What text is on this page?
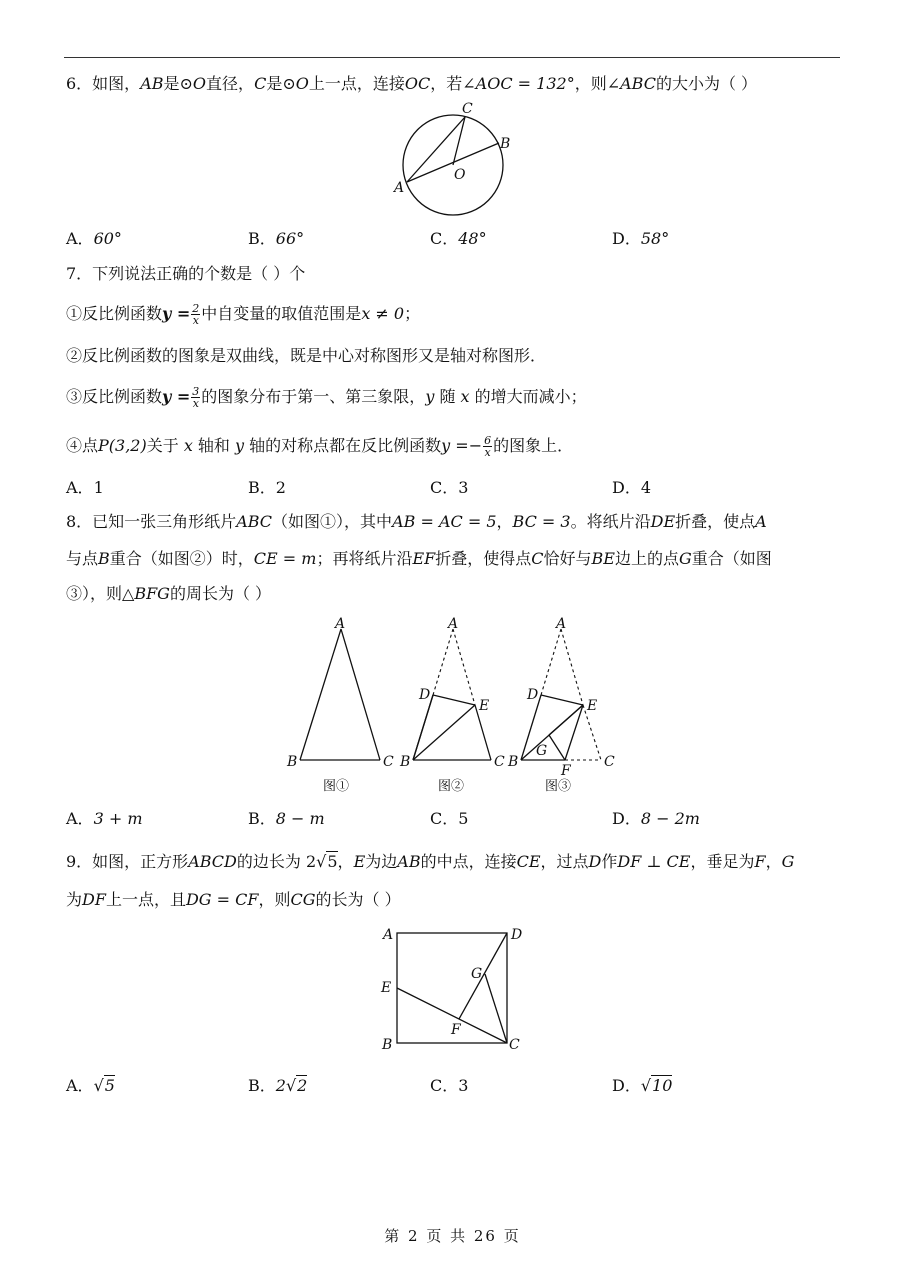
6．如图，AB是⊙O直径，C是⊙O上一点，连接OC，若∠AOC = 132°，则∠ABC的大小为（ ）
C
B
O
A
A．60°	B．66°	C．48°	D．58°
7．下列说法正确的个数是（ ）个
①反比例函数$y = \frac{2}{x}$ 中自变量的取值范围是x ≠ 0；
②反比例函数的图象是双曲线，既是中心对称图形又是轴对称图形．
③反比例函数$y = \frac{3}{x}$ 的图象分布于第一、第三象限，y 随 x 的增大而减小；
④点P(3,2)关于 x 轴和 y 轴的对称点都在反比例函数$y =- \frac{6}{x}$ 的图象上．
A．1	B．2	C．3	D．4
8．已知一张三角形纸片ABC（如图①），其中AB = AC = 5，BC = 3。将纸片沿DE折叠，使点A
与点B重合（如图②）时，CE = m；再将纸片沿EF折叠，使得点C恰好与BE边上的点G重合（如图
③），则△BFG的周长为（ ）
A
B	C
图①
A
D
E
B	C
图②
A
D
E
G
B
F
C
图③
A．3 + m	B．8 − m	C．5	D．8 − 2m
9．如图，正方形ABCD的边长为 2√5，E为边AB的中点，连接CE，过点D作DF ⊥ CE，垂足为F，G
为DF上一点，且DG = CF，则CG的长为（ ）
A	D
G
E
F
B	C
A．√5	B．2√2	C．3	D．√10
第 2 页 共 26 页
